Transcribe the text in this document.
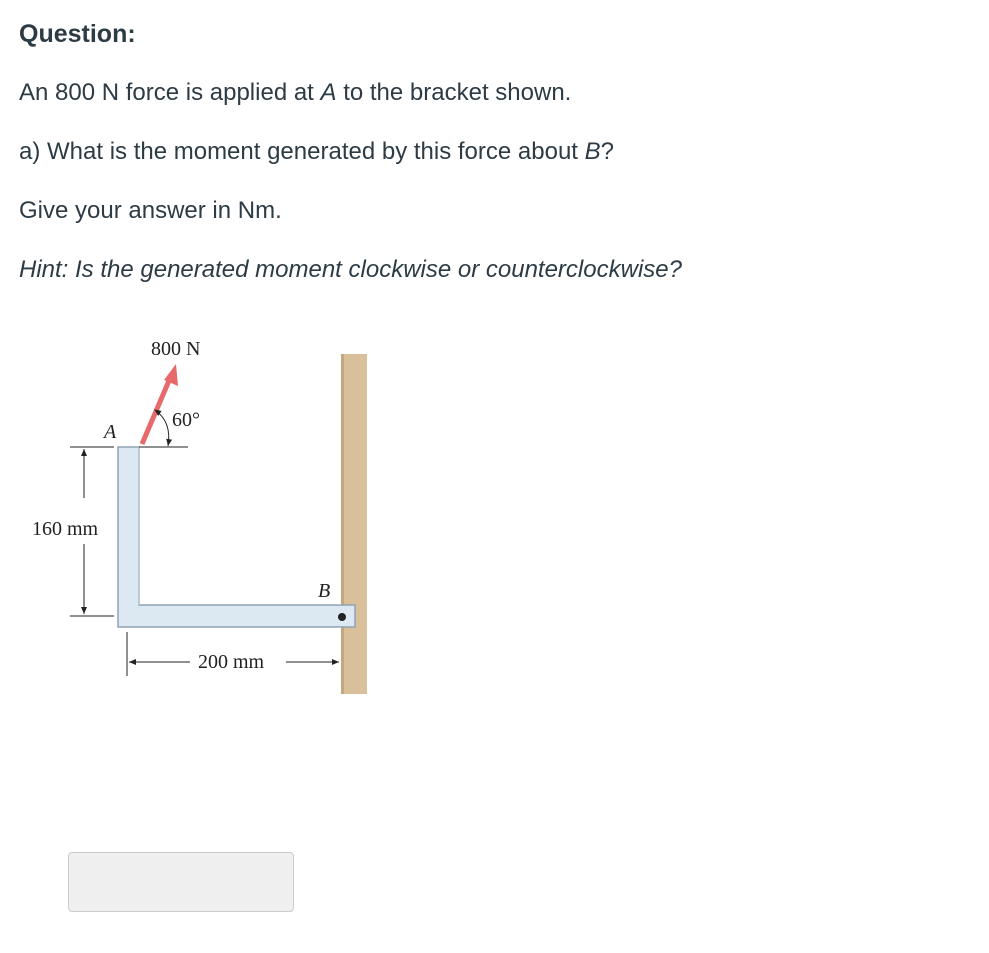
Question:

An 800 N force is applied at A to the bracket shown.

a) What is the moment generated by this force about B?

Give your answer in Nm.

Hint: Is the generated moment clockwise or counterclockwise?

B
A
800 N
60°
160 mm
200 mm
